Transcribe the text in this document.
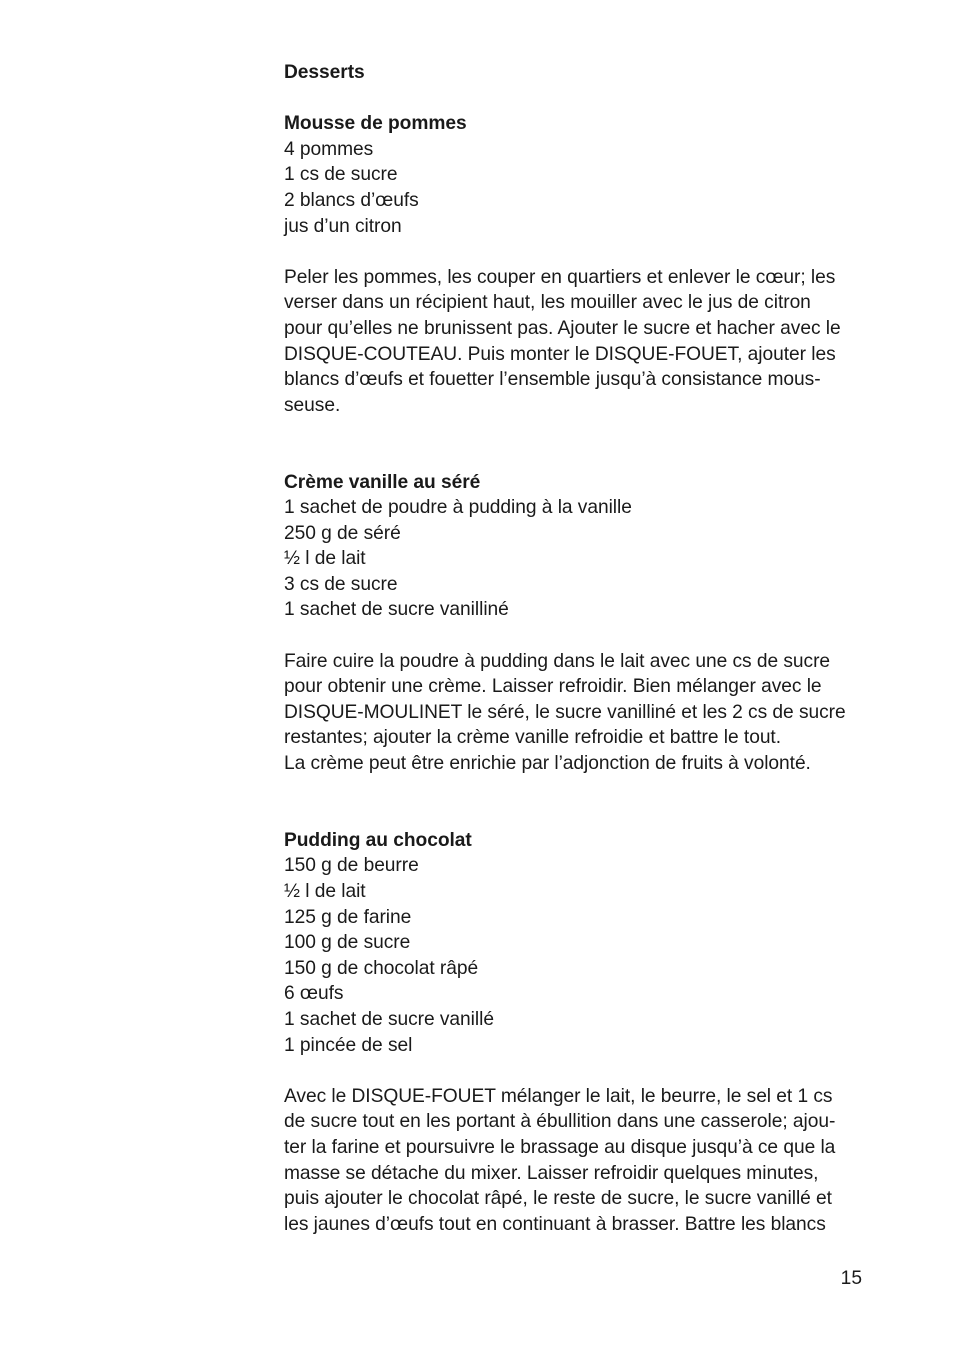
Desserts
Mousse de pommes
4 pommes
1 cs de sucre
2 blancs d’œufs
jus d’un citron
Peler les pommes, les couper en quartiers et enlever le cœur; les
verser dans un récipient haut, les mouiller avec le jus de citron
pour qu’elles ne brunissent pas. Ajouter le sucre et hacher avec le
DISQUE-COUTEAU. Puis monter le DISQUE-FOUET, ajouter les
blancs d’œufs et fouetter l’ensemble jusqu’à consistance mous-
seuse.
Crème vanille au séré
1 sachet de poudre à pudding à la vanille
250 g de séré
½ l de lait
3 cs de sucre
1 sachet de sucre vanilliné
Faire cuire la poudre à pudding dans le lait avec une cs de sucre
pour obtenir une crème. Laisser refroidir. Bien mélanger avec le
DISQUE-MOULINET le séré, le sucre vanilliné et les 2 cs de sucre
restantes; ajouter la crème vanille refroidie et battre le tout.
La crème peut être enrichie par l’adjonction de fruits à volonté.
Pudding au chocolat
150 g de beurre
½ l de lait
125 g de farine
100 g de sucre
150 g de chocolat râpé
6 œufs
1 sachet de sucre vanillé
1 pincée de sel
Avec le DISQUE-FOUET mélanger le lait, le beurre, le sel et 1 cs
de sucre tout en les portant à ébullition dans une casserole; ajou-
ter la farine et poursuivre le brassage au disque jusqu’à ce que la
masse se détache du mixer. Laisser refroidir quelques minutes,
puis ajouter le chocolat râpé, le reste de sucre, le sucre vanillé et
les jaunes d’œufs tout en continuant à brasser. Battre les blancs
15
